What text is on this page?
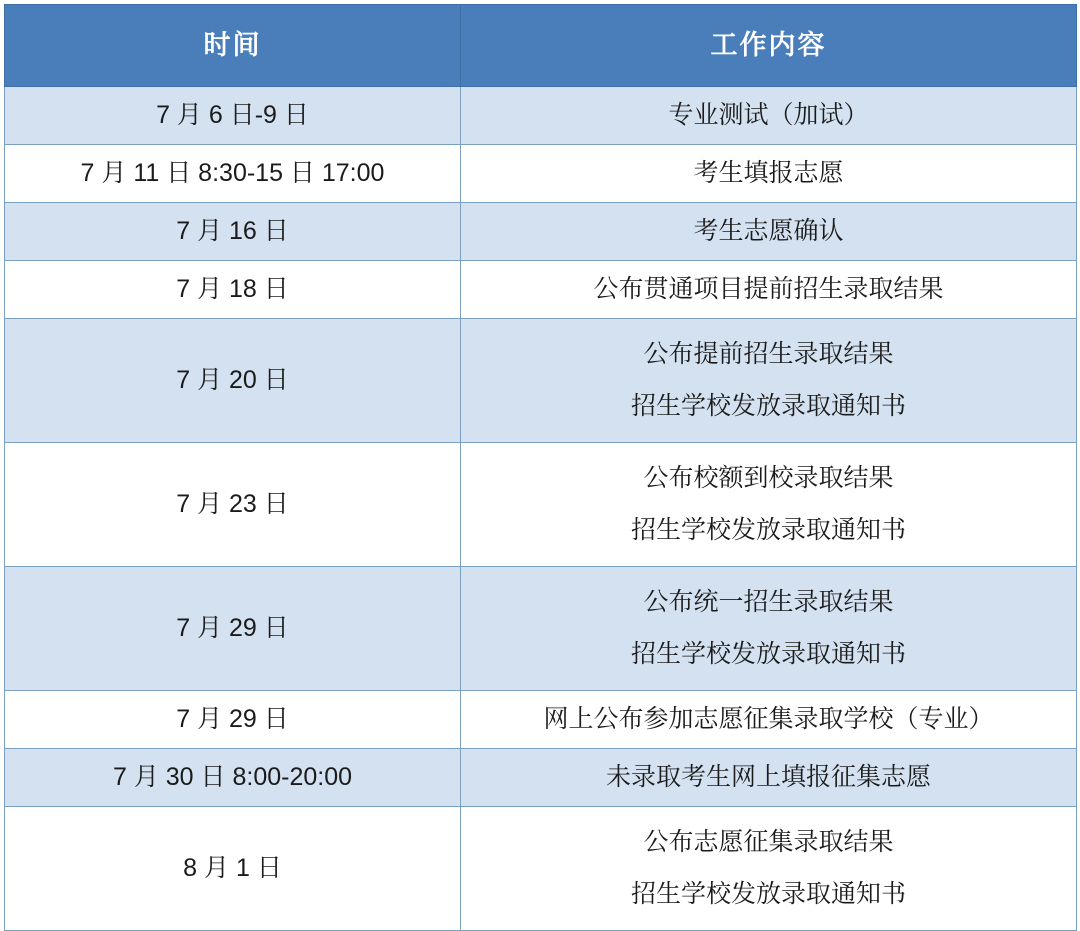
时间	工作内容
7 月 6 日-9 日	专业测试（加试）

7 月 11 日 8:30-15 日 17:00	考生填报志愿

7 月 16 日	考生志愿确认

7 月 18 日	公布贯通项目提前招生录取结果

7 月 20 日	公布提前招生录取结果
招生学校发放录取通知书

7 月 23 日	公布校额到校录取结果
招生学校发放录取通知书

7 月 29 日	公布统一招生录取结果
招生学校发放录取通知书

7 月 29 日	网上公布参加志愿征集录取学校（专业）

7 月 30 日 8:00-20:00	未录取考生网上填报征集志愿

8 月 1 日	公布志愿征集录取结果
招生学校发放录取通知书
